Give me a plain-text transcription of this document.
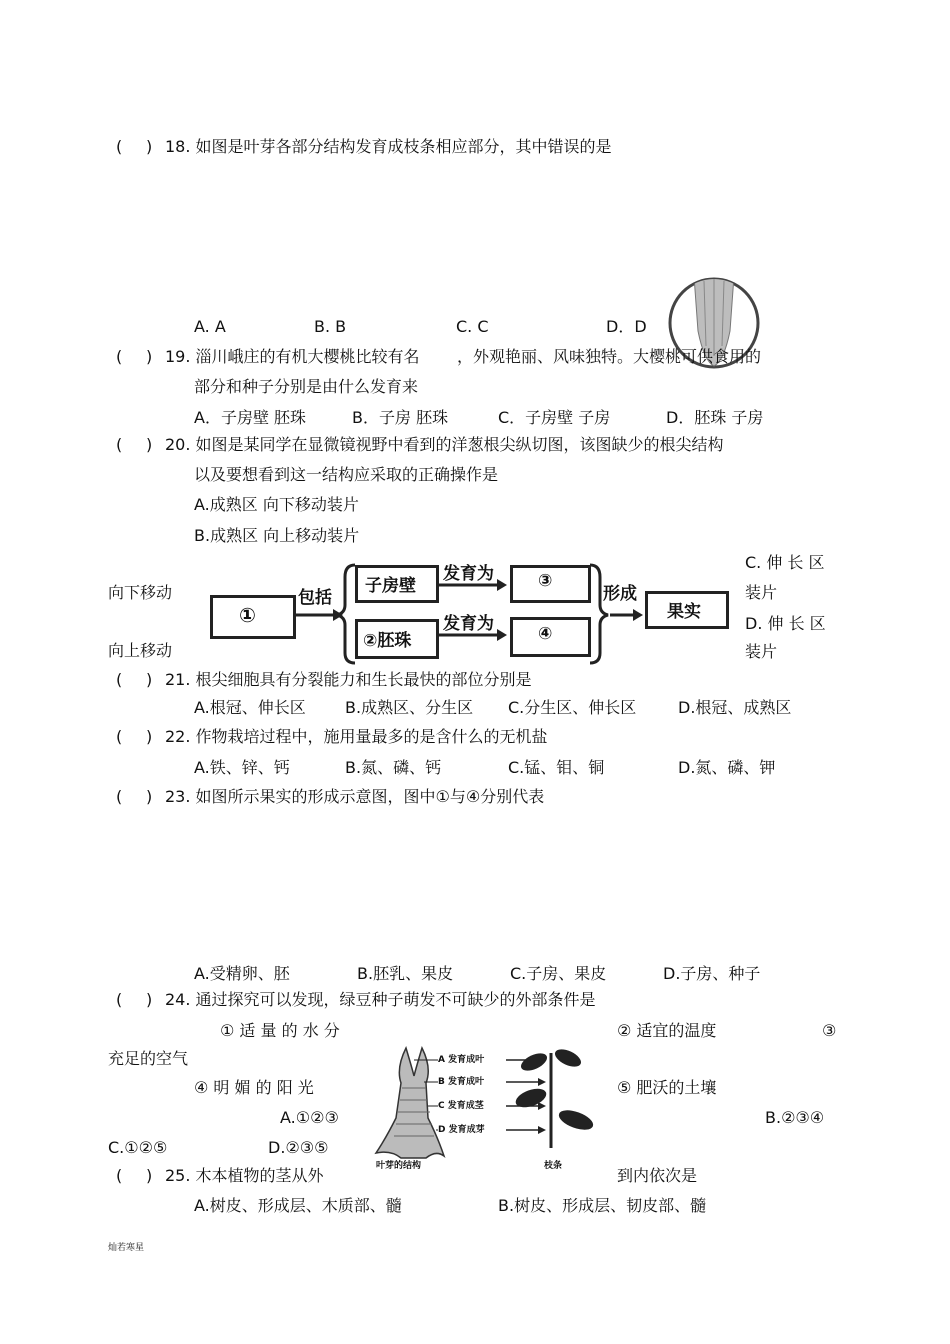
( ) 18. 如图是叶芽各部分结构发育成枝条相应部分，其中错误的是
A. A	B. B	C. C	D．D
( ) 19. 淄川峨庄的有机大樱桃比较有名 ，外观艳丽、风味独特。大樱桃可供食用的
部分和种子分别是由什么发育来
A．子房壁 胚珠	B．子房 胚珠	C．子房壁 子房	D．胚珠 子房
( ) 20. 如图是某同学在显微镜视野中看到的洋葱根尖纵切图，该图缺少的根尖结构
以及要想看到这一结构应采取的正确操作是
A.成熟区 向下移动装片
B.成熟区 向上移动装片
C. 伸 长 区
装片
D. 伸 长 区
装片
向下移动
向上移动
①
包括
子房壁
②胚珠
发育为
发育为
③
④
形成
果实
( ) 21. 根尖细胞具有分裂能力和生长最快的部位分别是
A.根冠、伸长区 B.成熟区、分生区 C.分生区、伸长区	D.根冠、成熟区
( ) 22. 作物栽培过程中，施用量最多的是含什么的无机盐
A.铁、锌、钙	B.氮、磷、钙	C.锰、钼、铜	D.氮、磷、钾
( ) 23. 如图所示果实的形成示意图，图中①与④分别代表
A.受精卵、胚	B.胚乳、果皮	C.子房、果皮	D.子房、种子
( ) 24. 通过探究可以发现，绿豆种子萌发不可缺少的外部条件是
① 适 量 的 水 分	② 适宜的温度	③
充足的空气
④ 明 媚 的 阳 光	⑤ 肥沃的土壤
A.①②③	B.②③④
C.①②⑤	D.②③⑤
A 发育成叶
B 发育成叶
C 发育成茎
D 发育成芽
叶芽的结构	枝条
( ) 25. 木本植物的茎从外	到内依次是
A.树皮、形成层、木质部、髓	B.树皮、形成层、韧皮部、髓
灿若寒星
